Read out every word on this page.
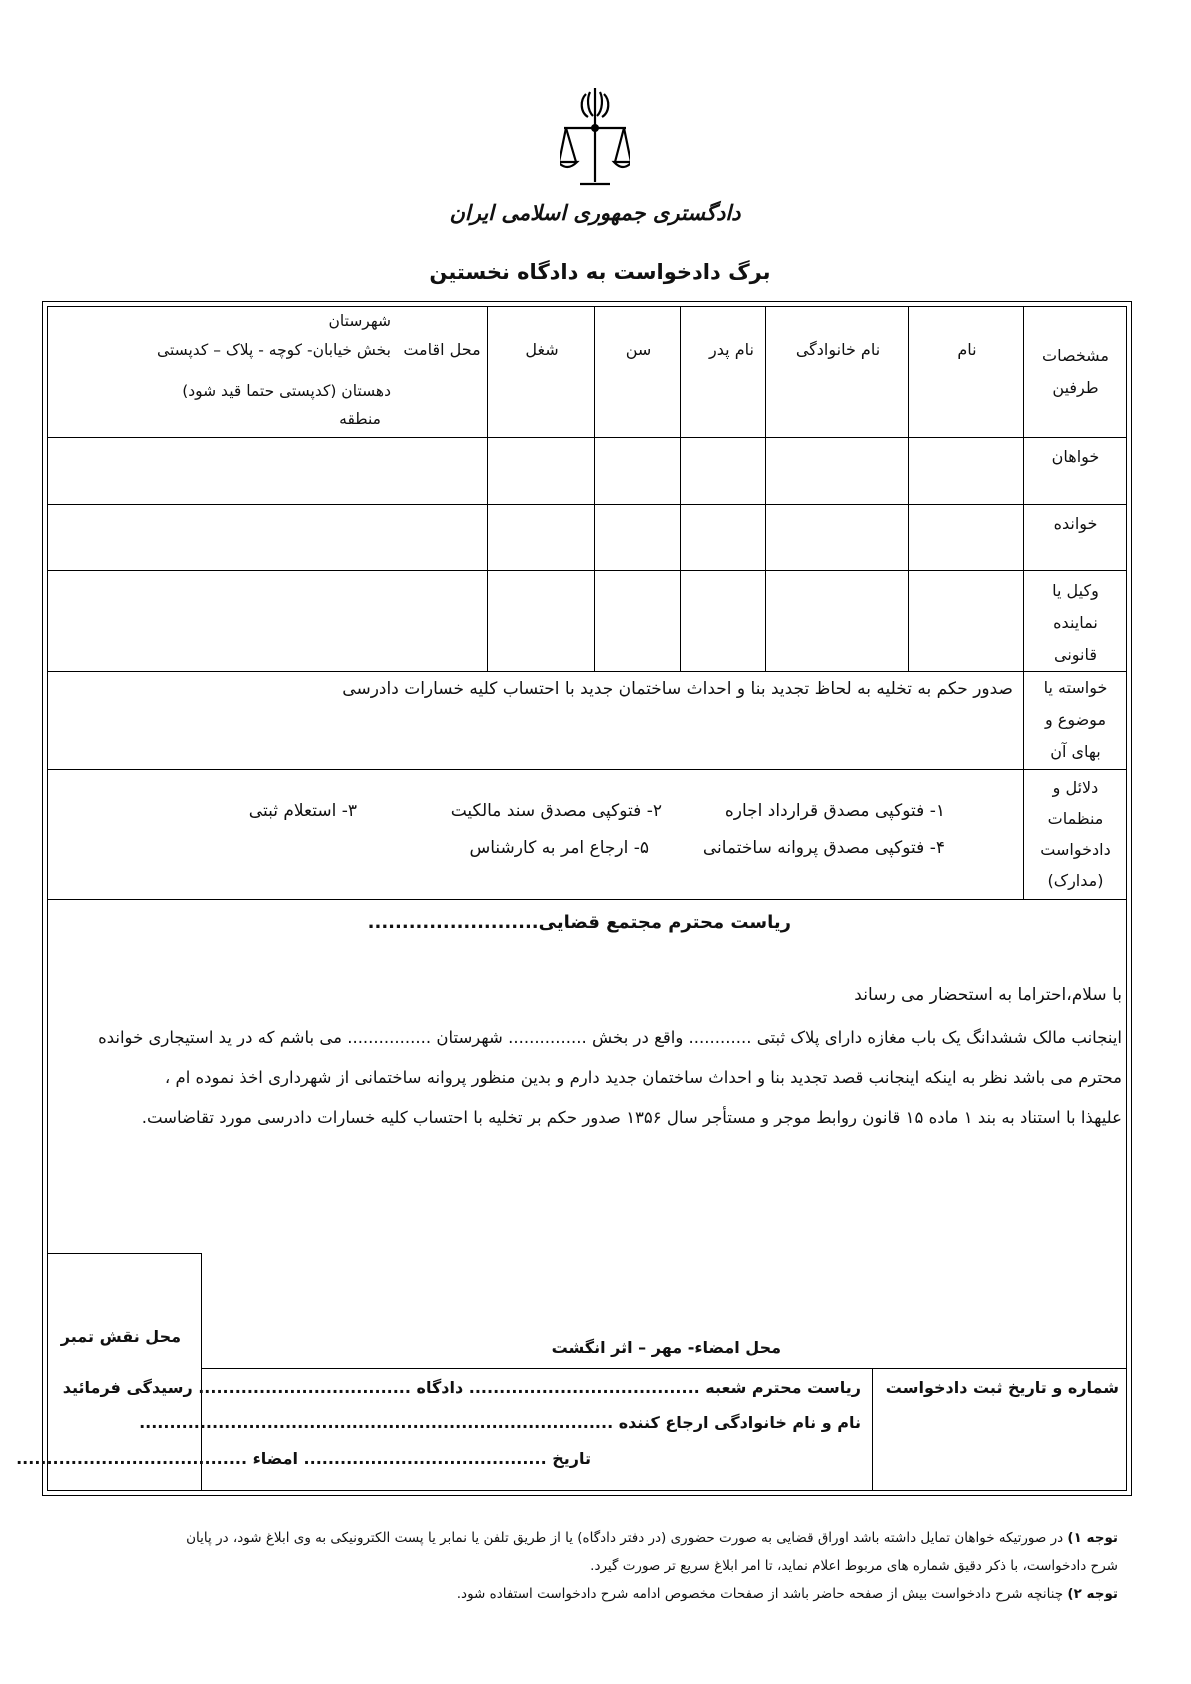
دادگستری جمهوری اسلامی ایران
برگ دادخواست به دادگاه نخستین
مشخصات طرفین
نام
نام خانوادگی
نام پدر
سن
شغل
محل اقامت
شهرستان
بخش خیابان- کوچه - پلاک – کدپستی
دهستان (کدپستی حتما قید شود)
منطقه
خواهان
خوانده
وکیل یا
نماینده
قانونی
خواسته یا
موضوع و
بهای آن
صدور حکم به تخلیه به لحاظ تجدید بنا و احداث ساختمان جدید با احتساب کلیه خسارات دادرسی
دلائل و
منظمات
دادخواست
(مدارک)
۱- فتوکپی مصدق قرارداد اجاره
۲- فتوکپی مصدق سند مالکیت
۳- استعلام ثبتی
۴- فتوکپی مصدق پروانه ساختمانی
۵- ارجاع امر به کارشناس
ریاست محترم مجتمع قضایی.........................
با سلام،احتراما به استحضار می رساند
اینجانب مالک ششدانگ یک باب مغازه دارای پلاک ثبتی ............ واقع در بخش ............... شهرستان ................ می باشم که در ید استیجاری خوانده
محترم می باشد نظر به اینکه اینجانب قصد تجدید بنا و احداث ساختمان جدید دارم و بدین منظور پروانه ساختمانی از شهرداری اخذ نموده ام ،
علیهذا با استناد به بند ۱ ماده ۱۵ قانون روابط موجر و مستأجر سال ۱۳۵۶ صدور حکم بر تخلیه با احتساب کلیه خسارات دادرسی مورد تقاضاست.
محل نقش تمبر
محل امضاء- مهر – اثر انگشت
شماره و تاریخ ثبت دادخواست
ریاست محترم شعبه ...................................... دادگاه ................................... رسیدگی فرمائید
نام و نام خانوادگی ارجاع کننده ..............................................................................
تاریخ ........................................ امضاء ......................................
توجه ۱) در صورتیکه خواهان تمایل داشته باشد اوراق قضایی به صورت حضوری (در دفتر دادگاه) یا از طریق تلفن یا نمابر یا پست الکترونیکی به وی ابلاغ شود، در پایان
شرح دادخواست، با ذکر دقیق شماره های مربوط اعلام نماید، تا امر ابلاغ سریع تر صورت گیرد.
توجه ۲) چنانچه شرح دادخواست بیش از صفحه حاضر باشد از صفحات مخصوص ادامه شرح دادخواست استفاده شود.
